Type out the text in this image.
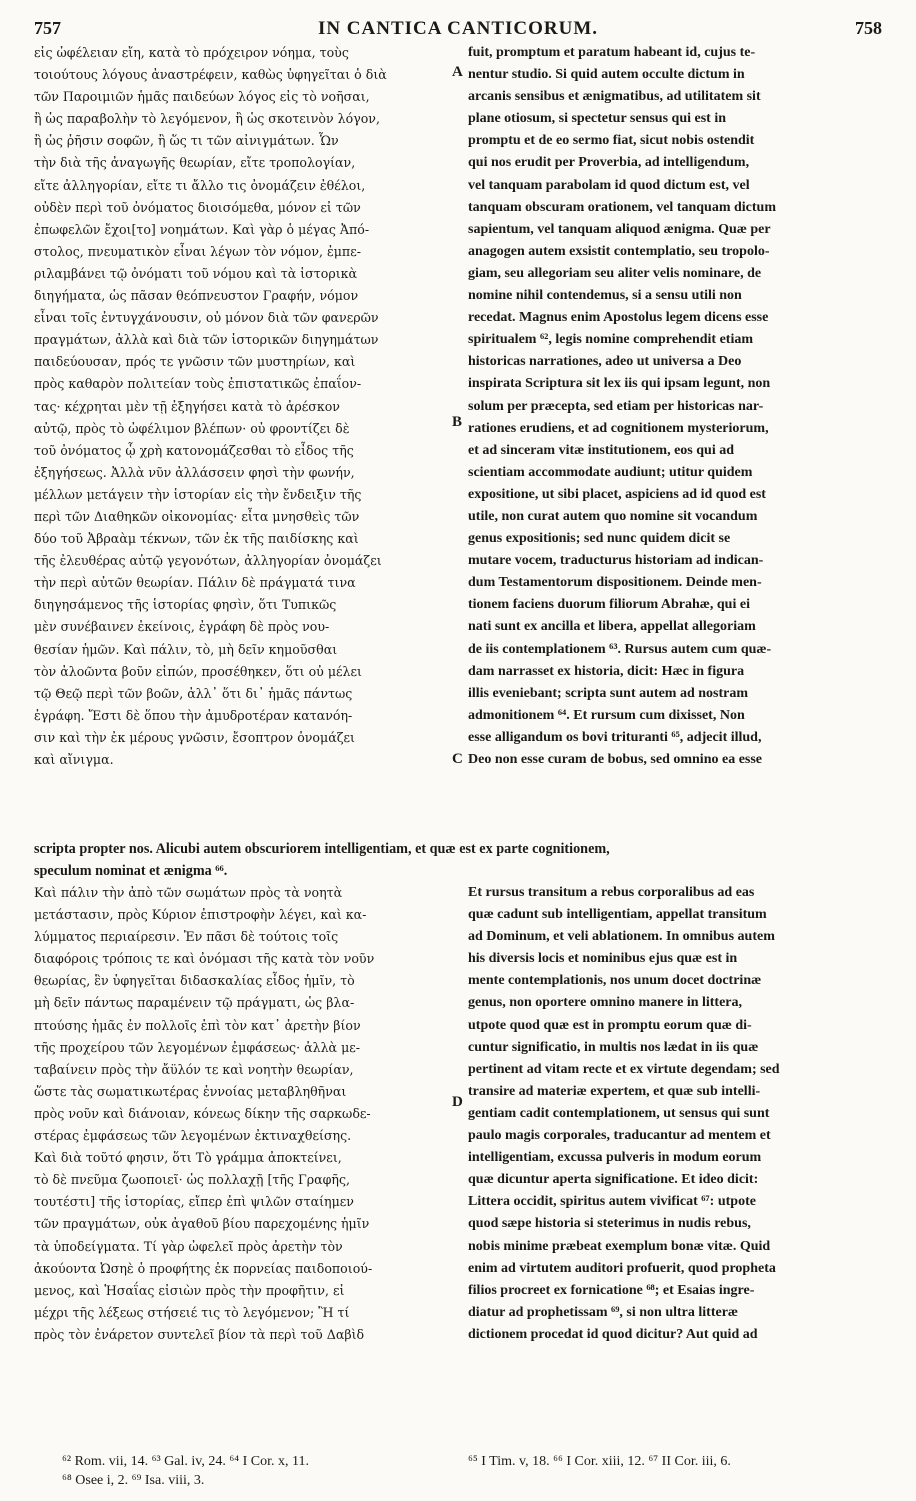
757	IN CANTICA CANTICORUM.	758
εἰς ὠφέλειαν εἴη, κατὰ τὸ πρόχειρον νόημα, τοὺς
τοιούτους λόγους ἀναστρέφειν, καθὼς ὑφηγεῖται ὁ διὰ
τῶν Παροιμιῶν ἡμᾶς παιδεύων λόγος εἰς τὸ νοῆσαι,
ἢ ὡς παραβολὴν τὸ λεγόμενον, ἢ ὡς σκοτεινὸν λόγον,
ἢ ὡς ῥῆσιν σοφῶν, ἢ ὥς τι τῶν αἰνιγμάτων. Ὧν
τὴν διὰ τῆς ἀναγωγῆς θεωρίαν, εἴτε τροπολογίαν,
εἴτε ἀλληγορίαν, εἴτε τι ἄλλο τις ὀνομάζειν ἐθέλοι,
οὐδὲν περὶ τοῦ ὀνόματος διοισόμεθα, μόνον εἰ τῶν
ἐπωφελῶν ἔχοι[το] νοημάτων. Καὶ γὰρ ὁ μέγας Ἀπό-
στολος, πνευματικὸν εἶναι λέγων τὸν νόμον, ἐμπε-
ριλαμβάνει τῷ ὀνόματι τοῦ νόμου καὶ τὰ ἱστορικὰ
διηγήματα, ὡς πᾶσαν θεόπνευστον Γραφήν, νόμον
εἶναι τοῖς ἐντυγχάνουσιν, οὐ μόνον διὰ τῶν φανερῶν
πραγμάτων, ἀλλὰ καὶ διὰ τῶν ἱστορικῶν διηγημάτων
παιδεύουσαν, πρός τε γνῶσιν τῶν μυστηρίων, καὶ
πρὸς καθαρὸν πολιτείαν τοὺς ἐπιστατικῶς ἐπαΐον-
τας· κέχρηται μὲν τῇ ἐξηγήσει κατὰ τὸ ἀρέσκον
αὐτῷ, πρὸς τὸ ὠφέλιμον βλέπων· οὐ φροντίζει δὲ
τοῦ ὀνόματος ᾧ χρὴ κατονομάζεσθαι τὸ εἶδος τῆς
ἐξηγήσεως. Ἀλλὰ νῦν ἀλλάσσειν φησὶ τὴν φωνήν,
μέλλων μετάγειν τὴν ἱστορίαν εἰς τὴν ἔνδειξιν τῆς
περὶ τῶν Διαθηκῶν οἰκονομίας· εἶτα μνησθεὶς τῶν
δύο τοῦ Ἀβραὰμ τέκνων, τῶν ἐκ τῆς παιδίσκης καὶ
τῆς ἐλευθέρας αὐτῷ γεγονότων, ἀλληγορίαν ὀνομάζει
τὴν περὶ αὐτῶν θεωρίαν. Πάλιν δὲ πράγματά τινα
διηγησάμενος τῆς ἱστορίας φησὶν, ὅτι Τυπικῶς
μὲν συνέβαινεν ἐκείνοις, ἐγράφη δὲ πρὸς νου-
θεσίαν ἡμῶν. Καὶ πάλιν, τὸ, μὴ δεῖν κημοῦσθαι
τὸν ἀλοῶντα βοῦν εἰπών, προσέθηκεν, ὅτι οὐ μέλει
τῷ Θεῷ περὶ τῶν βοῶν, ἀλλ᾽ ὅτι δι᾽ ἡμᾶς πάντως
ἐγράφη. Ἔστι δὲ ὅπου τὴν ἀμυδροτέραν κατανόη-
σιν καὶ τὴν ἐκ μέρους γνῶσιν, ἔσοπτρον ὀνομάζει
καὶ αἴνιγμα.
fuit, promptum et paratum habeant id, cujus te-
nentur studio. Si quid autem occulte dictum in
arcanis sensibus et ænigmatibus, ad utilitatem sit
plane otiosum, si spectetur sensus qui est in
promptu et de eo sermo fiat, sicut nobis ostendit
qui nos erudit per Proverbia, ad intelligendum,
vel tanquam parabolam id quod dictum est, vel
tanquam obscuram orationem, vel tanquam dictum
sapientum, vel tanquam aliquod ænigma. Quæ per
anagogen autem exsistit contemplatio, seu tropolo-
giam, seu allegoriam seu aliter velis nominare, de
nomine nihil contendemus, si a sensu utili non
recedat. Magnus enim Apostolus legem dicens esse
spiritualem ⁶², legis nomine comprehendit etiam
historicas narrationes, adeo ut universa a Deo
inspirata Scriptura sit lex iis qui ipsam legunt, non
solum per præcepta, sed etiam per historicas nar-
rationes erudiens, et ad cognitionem mysteriorum,
et ad sinceram vitæ institutionem, eos qui ad
scientiam accommodate audiunt; utitur quidem
expositione, ut sibi placet, aspiciens ad id quod est
utile, non curat autem quo nomine sit vocandum
genus expositionis; sed nunc quidem dicit se
mutare vocem, traducturus historiam ad indican-
dum Testamentorum dispositionem. Deinde men-
tionem faciens duorum filiorum Abrahæ, qui ei
nati sunt ex ancilla et libera, appellat allegoriam
de iis contemplationem ⁶³. Rursus autem cum quæ-
dam narrasset ex historia, dicit: Hæc in figura
illis eveniebant; scripta sunt autem ad nostram
admonitionem ⁶⁴. Et rursum cum dixisset, Non
esse alligandum os bovi trituranti ⁶⁵, adjecit illud,
Deo non esse curam de bobus, sed omnino ea esse
A
B
C
D
scripta propter nos. Alicubi autem obscuriorem intelligentiam, et quæ est ex parte cognitionem,
speculum nominat et ænigma ⁶⁶.
Καὶ πάλιν τὴν ἀπὸ τῶν σωμάτων πρὸς τὰ νοητὰ
μετάστασιν, πρὸς Κύριον ἐπιστροφὴν λέγει, καὶ κα-
λύμματος περιαίρεσιν. Ἐν πᾶσι δὲ τούτοις τοῖς
διαφόροις τρόποις τε καὶ ὀνόμασι τῆς κατὰ τὸν νοῦν
θεωρίας, ἓν ὑφηγεῖται διδασκαλίας εἶδος ἡμῖν, τὸ
μὴ δεῖν πάντως παραμένειν τῷ πράγματι, ὡς βλα-
πτούσης ἡμᾶς ἐν πολλοῖς ἐπὶ τὸν κατ᾽ ἀρετὴν βίον
τῆς προχείρου τῶν λεγομένων ἐμφάσεως· ἀλλὰ με-
ταβαίνειν πρὸς τὴν ἄϋλόν τε καὶ νοητὴν θεωρίαν,
ὥστε τὰς σωματικωτέρας ἐννοίας μεταβληθῆναι
πρὸς νοῦν καὶ διάνοιαν, κόνεως δίκην τῆς σαρκωδε-
στέρας ἐμφάσεως τῶν λεγομένων ἐκτιναχθείσης.
Καὶ διὰ τοῦτό φησιν, ὅτι Τὸ γράμμα ἀποκτείνει,
τὸ δὲ πνεῦμα ζωοποιεῖ· ὡς πολλαχῇ [τῆς Γραφῆς,
τουτέστι] τῆς ἱστορίας, εἴπερ ἐπὶ ψιλῶν σταίημεν
τῶν πραγμάτων, οὐκ ἀγαθοῦ βίου παρεχομένης ἡμῖν
τὰ ὑποδείγματα. Τί γὰρ ὠφελεῖ πρὸς ἀρετὴν τὸν
ἀκούοντα Ὠσηὲ ὁ προφήτης ἐκ πορνείας παιδοποιού-
μενος, καὶ Ἡσαΐας εἰσιὼν πρὸς τὴν προφῆτιν, εἰ
μέχρι τῆς λέξεως στήσειέ τις τὸ λεγόμενον; Ἢ τί
πρὸς τὸν ἐνάρετον συντελεῖ βίον τὰ περὶ τοῦ Δαβὶδ
Et rursus transitum a rebus corporalibus ad eas
quæ cadunt sub intelligentiam, appellat transitum
ad Dominum, et veli ablationem. In omnibus autem
his diversis locis et nominibus ejus quæ est in
mente contemplationis, nos unum docet doctrinæ
genus, non oportere omnino manere in littera,
utpote quod quæ est in promptu eorum quæ di-
cuntur significatio, in multis nos lædat in iis quæ
pertinent ad vitam recte et ex virtute degendam; sed
transire ad materiæ expertem, et quæ sub intelli-
gentiam cadit contemplationem, ut sensus qui sunt
paulo magis corporales, traducantur ad mentem et
intelligentiam, excussa pulveris in modum eorum
quæ dicuntur aperta significatione. Et ideo dicit:
Littera occidit, spiritus autem vivificat ⁶⁷: utpote
quod sæpe historia si steterimus in nudis rebus,
nobis minime præbeat exemplum bonæ vitæ. Quid
enim ad virtutem auditori profuerit, quod propheta
filios procreet ex fornicatione ⁶⁸; et Esaias ingre-
diatur ad prophetissam ⁶⁹, si non ultra litteræ
dictionem procedat id quod dicitur? Aut quid ad
⁶² Rom. vii, 14. ⁶³ Gal. iv, 24. ⁶⁴ I Cor. x, 11.
⁶⁸ Osee i, 2. ⁶⁹ Isa. viii, 3.
⁶⁵ I Tim. v, 18. ⁶⁶ I Cor. xiii, 12. ⁶⁷ II Cor. iii, 6.
